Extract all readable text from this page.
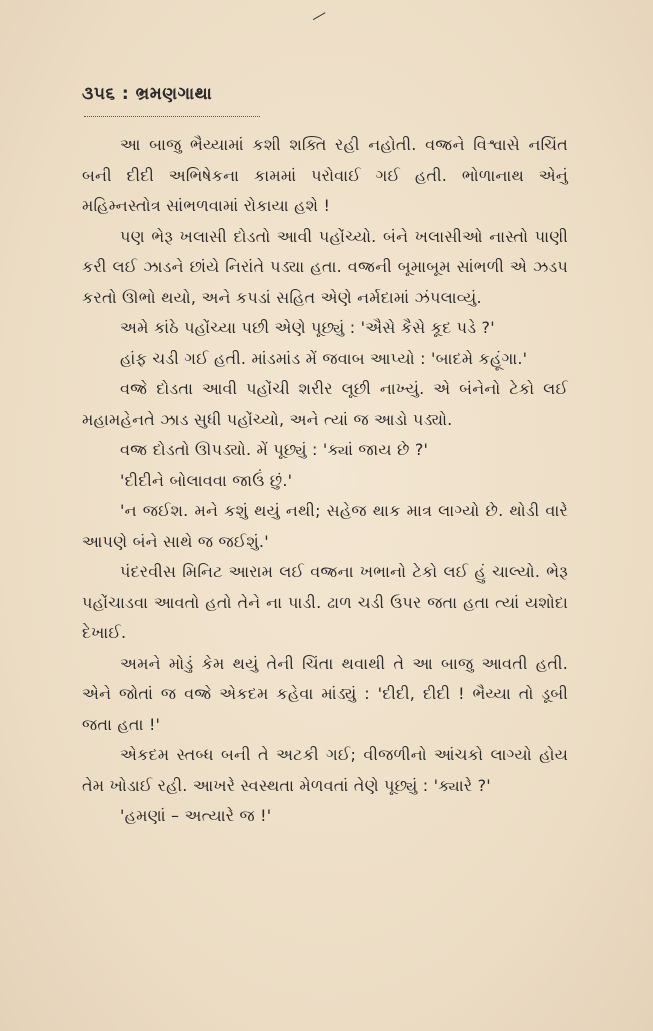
―
૩૫૬ : ભ્રમણગાથા

આ બાજુ ભૈય્યામાં કશી શક્તિ રહી નહોતી. વજ્રને વિશ્વાસે નચિંત બની દીદી અભિષેકના કામમાં પરોવાઈ ગઈ હતી. ભોળાનાથ એનું મહિમ્નસ્તોત્ર સાંભળવામાં રોકાયા હશે !

પણ ભેરૂ ખલાસી દોડતો આવી પહોંચ્યો. બંને ખલાસીઓ નાસ્તો પાણી કરી લઈ ઝાડને છાંયે નિરાંતે પડ્યા હતા. વજ્રની બૂમાબૂમ સાંભળી એ ઝડપ કરતો ઊભો થયો, અને કપડાં સહિત એણે નર્મદામાં ઝંપલાવ્યું.

અમે કાંઠે પહોંચ્યા પછી એણે પૂછ્યું : 'ઐસે કૈસે કૂદ પડે ?'

હાંફ ચડી ગઈ હતી. માંડમાંડ મેં જવાબ આપ્યો : 'બાદમે કહૂંગા.'

વજ્રે દોડતા આવી પહોંચી શરીર લૂછી નાખ્યું. એ બંનેનો ટેકો લઈ મહામહેનતે ઝાડ સુધી પહોંચ્યો, અને ત્યાં જ આડો પડ્યો.

વજ્ર દોડતો ઊપડ્યો. મેં પૂછ્યું : 'ક્યાં જાય છે ?'

'દીદીને બોલાવવા જાઉં છું.'

'ન જઈશ. મને કશું થયું નથી; સહેજ થાક માત્ર લાગ્યો છે. થોડી વારે આપણે બંને સાથે જ જઈશું.'

પંદરવીસ મિનિટ આરામ લઈ વજ્રના ખભાનો ટેકો લઈ હું ચાલ્યો. ભેરૂ પહોંચાડવા આવતો હતો તેને ના પાડી. ઢાળ ચડી ઉપર જતા હતા ત્યાં યશોદા દેખાઈ.

અમને મોડું કેમ થયું તેની ચિંતા થવાથી તે આ બાજુ આવતી હતી. એને જોતાં જ વજ્રે એકદમ કહેવા માંડ્યું : 'દીદી, દીદી ! ભૈય્યા તો ડૂબી જતા હતા !'

એકદમ સ્તબ્ધ બની તે અટકી ગઈ; વીજળીનો આંચકો લાગ્યો હોય તેમ ખોડાઈ રહી. આખરે સ્વસ્થતા મેળવતાં તેણે પૂછ્યું : 'ક્યારે ?'

'હમણાં – અત્યારે જ !'
